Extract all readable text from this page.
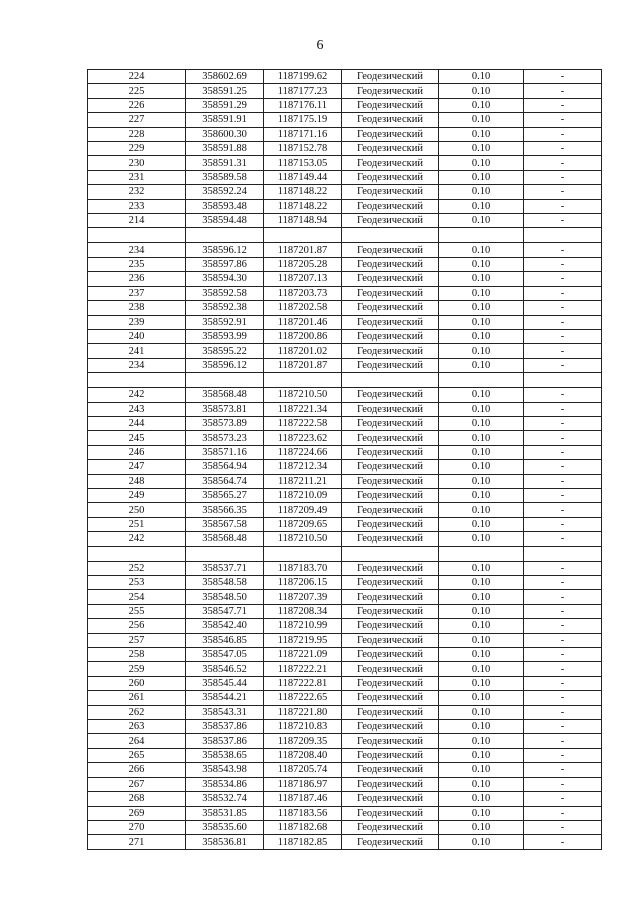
6
224	358602.69	1187199.62	Геодезический	0.10	-
225	358591.25	1187177.23	Геодезический	0.10	-
226	358591.29	1187176.11	Геодезический	0.10	-
227	358591.91	1187175.19	Геодезический	0.10	-
228	358600.30	1187171.16	Геодезический	0.10	-
229	358591.88	1187152.78	Геодезический	0.10	-
230	358591.31	1187153.05	Геодезический	0.10	-
231	358589.58	1187149.44	Геодезический	0.10	-
232	358592.24	1187148.22	Геодезический	0.10	-
233	358593.48	1187148.22	Геодезический	0.10	-
214	358594.48	1187148.94	Геодезический	0.10	-

234	358596.12	1187201.87	Геодезический	0.10	-
235	358597.86	1187205.28	Геодезический	0.10	-
236	358594.30	1187207.13	Геодезический	0.10	-
237	358592.58	1187203.73	Геодезический	0.10	-
238	358592.38	1187202.58	Геодезический	0.10	-
239	358592.91	1187201.46	Геодезический	0.10	-
240	358593.99	1187200.86	Геодезический	0.10	-
241	358595.22	1187201.02	Геодезический	0.10	-
234	358596.12	1187201.87	Геодезический	0.10	-

242	358568.48	1187210.50	Геодезический	0.10	-
243	358573.81	1187221.34	Геодезический	0.10	-
244	358573.89	1187222.58	Геодезический	0.10	-
245	358573.23	1187223.62	Геодезический	0.10	-
246	358571.16	1187224.66	Геодезический	0.10	-
247	358564.94	1187212.34	Геодезический	0.10	-
248	358564.74	1187211.21	Геодезический	0.10	-
249	358565.27	1187210.09	Геодезический	0.10	-
250	358566.35	1187209.49	Геодезический	0.10	-
251	358567.58	1187209.65	Геодезический	0.10	-
242	358568.48	1187210.50	Геодезический	0.10	-

252	358537.71	1187183.70	Геодезический	0.10	-
253	358548.58	1187206.15	Геодезический	0.10	-
254	358548.50	1187207.39	Геодезический	0.10	-
255	358547.71	1187208.34	Геодезический	0.10	-
256	358542.40	1187210.99	Геодезический	0.10	-
257	358546.85	1187219.95	Геодезический	0.10	-
258	358547.05	1187221.09	Геодезический	0.10	-
259	358546.52	1187222.21	Геодезический	0.10	-
260	358545.44	1187222.81	Геодезический	0.10	-
261	358544.21	1187222.65	Геодезический	0.10	-
262	358543.31	1187221.80	Геодезический	0.10	-
263	358537.86	1187210.83	Геодезический	0.10	-
264	358537.86	1187209.35	Геодезический	0.10	-
265	358538.65	1187208.40	Геодезический	0.10	-
266	358543.98	1187205.74	Геодезический	0.10	-
267	358534.86	1187186.97	Геодезический	0.10	-
268	358532.74	1187187.46	Геодезический	0.10	-
269	358531.85	1187183.56	Геодезический	0.10	-
270	358535.60	1187182.68	Геодезический	0.10	-
271	358536.81	1187182.85	Геодезический	0.10	-
